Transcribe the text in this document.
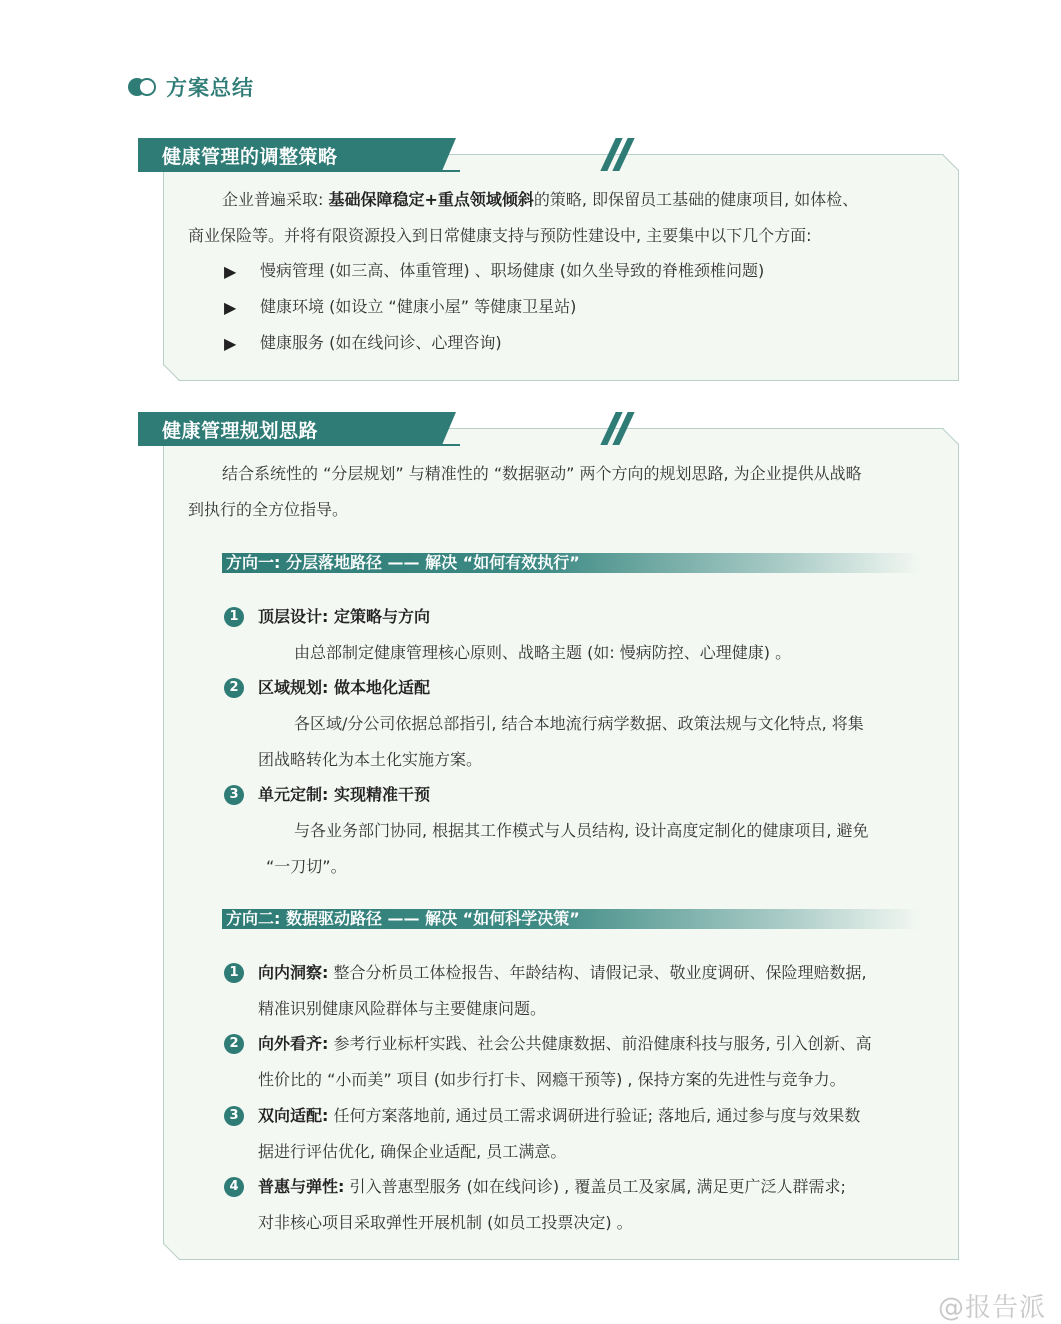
方案总结
健康管理的调整策略
企业普遍采取: 基础保障稳定+重点领域倾斜的策略, 即保留员工基础的健康项目, 如体检、
商业保险等。并将有限资源投入到日常健康支持与预防性建设中, 主要集中以下几个方面:
▶ 慢病管理 (如三高、体重管理) 、职场健康 (如久坐导致的脊椎颈椎问题)
▶ 健康环境 (如设立 “健康小屋” 等健康卫星站)
▶ 健康服务 (如在线问诊、心理咨询)
健康管理规划思路
结合系统性的 “分层规划” 与精准性的 “数据驱动” 两个方向的规划思路, 为企业提供从战略
到执行的全方位指导。
方向一: 分层落地路径 —— 解决 “如何有效执行”
1	顶层设计: 定策略与方向
由总部制定健康管理核心原则、战略主题 (如: 慢病防控、心理健康) 。
2	区域规划: 做本地化适配
各区域/分公司依据总部指引, 结合本地流行病学数据、政策法规与文化特点, 将集
团战略转化为本土化实施方案。
3	单元定制: 实现精准干预
与各业务部门协同, 根据其工作模式与人员结构, 设计高度定制化的健康项目, 避免
“一刀切”。
方向二: 数据驱动路径 —— 解决 “如何科学决策”
1	向内洞察: 整合分析员工体检报告、年龄结构、请假记录、敬业度调研、保险理赔数据,
精准识别健康风险群体与主要健康问题。
2	向外看齐: 参考行业标杆实践、社会公共健康数据、前沿健康科技与服务, 引入创新、高
性价比的 “小而美” 项目 (如步行打卡、网瘾干预等) , 保持方案的先进性与竞争力。
3	双向适配: 任何方案落地前, 通过员工需求调研进行验证; 落地后, 通过参与度与效果数
据进行评估优化, 确保企业适配, 员工满意。
4	普惠与弹性: 引入普惠型服务 (如在线问诊) , 覆盖员工及家属, 满足更广泛人群需求;
对非核心项目采取弹性开展机制 (如员工投票决定) 。
@报告派
